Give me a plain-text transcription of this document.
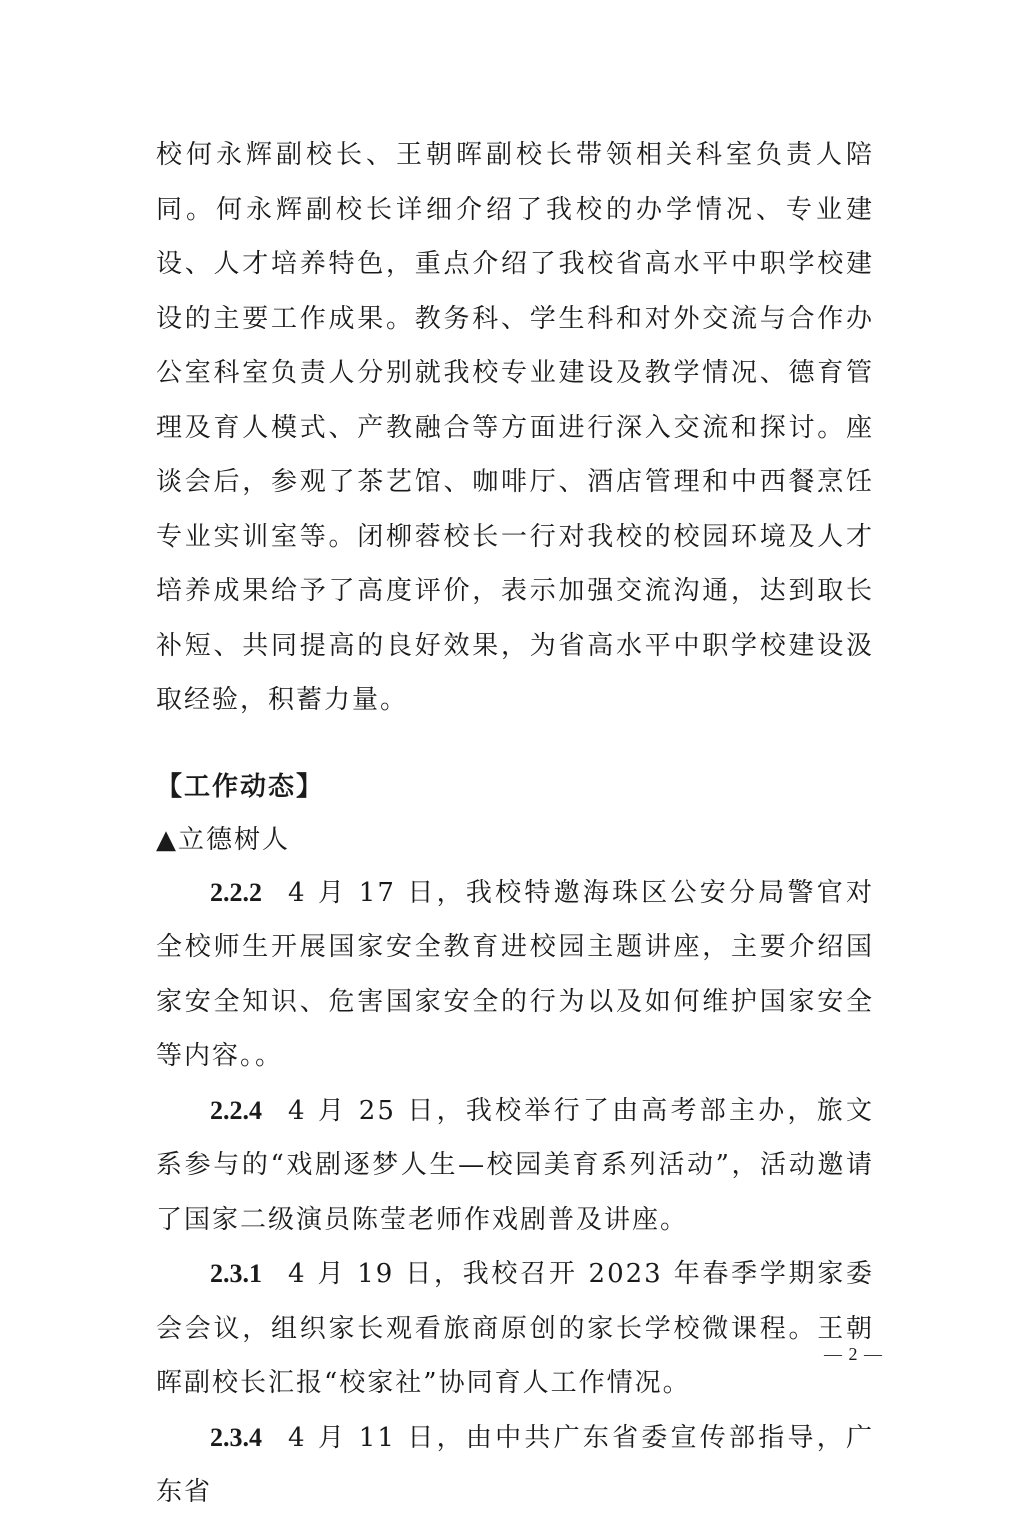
校何永辉副校长、王朝晖副校长带领相关科室负责人陪同。何永辉副校长详细介绍了我校的办学情况、专业建设、人才培养特色，重点介绍了我校省高水平中职学校建设的主要工作成果。教务科、学生科和对外交流与合作办公室科室负责人分别就我校专业建设及教学情况、德育管理及育人模式、产教融合等方面进行深入交流和探讨。座谈会后，参观了茶艺馆、咖啡厅、酒店管理和中西餐烹饪专业实训室等。闭柳蓉校长一行对我校的校园环境及人才培养成果给予了高度评价，表示加强交流沟通，达到取长补短、共同提高的良好效果，为省高水平中职学校建设汲取经验，积蓄力量。

【工作动态】

▲立德树人

2.2.2 4 月 17 日，我校特邀海珠区公安分局警官对全校师生开展国家安全教育进校园主题讲座，主要介绍国家安全知识、危害国家安全的行为以及如何维护国家安全等内容。。

2.2.4 4 月 25 日，我校举行了由高考部主办，旅文系参与的“戏剧逐梦人生—校园美育系列活动”，活动邀请了国家二级演员陈莹老师作戏剧普及讲座。

2.3.1 4 月 19 日，我校召开 2023 年春季学期家委会会议，组织家长观看旅商原创的家长学校微课程。王朝晖副校长汇报“校家社”协同育人工作情况。

2.3.4 4 月 11 日，由中共广东省委宣传部指导，广东省

— 2 —
